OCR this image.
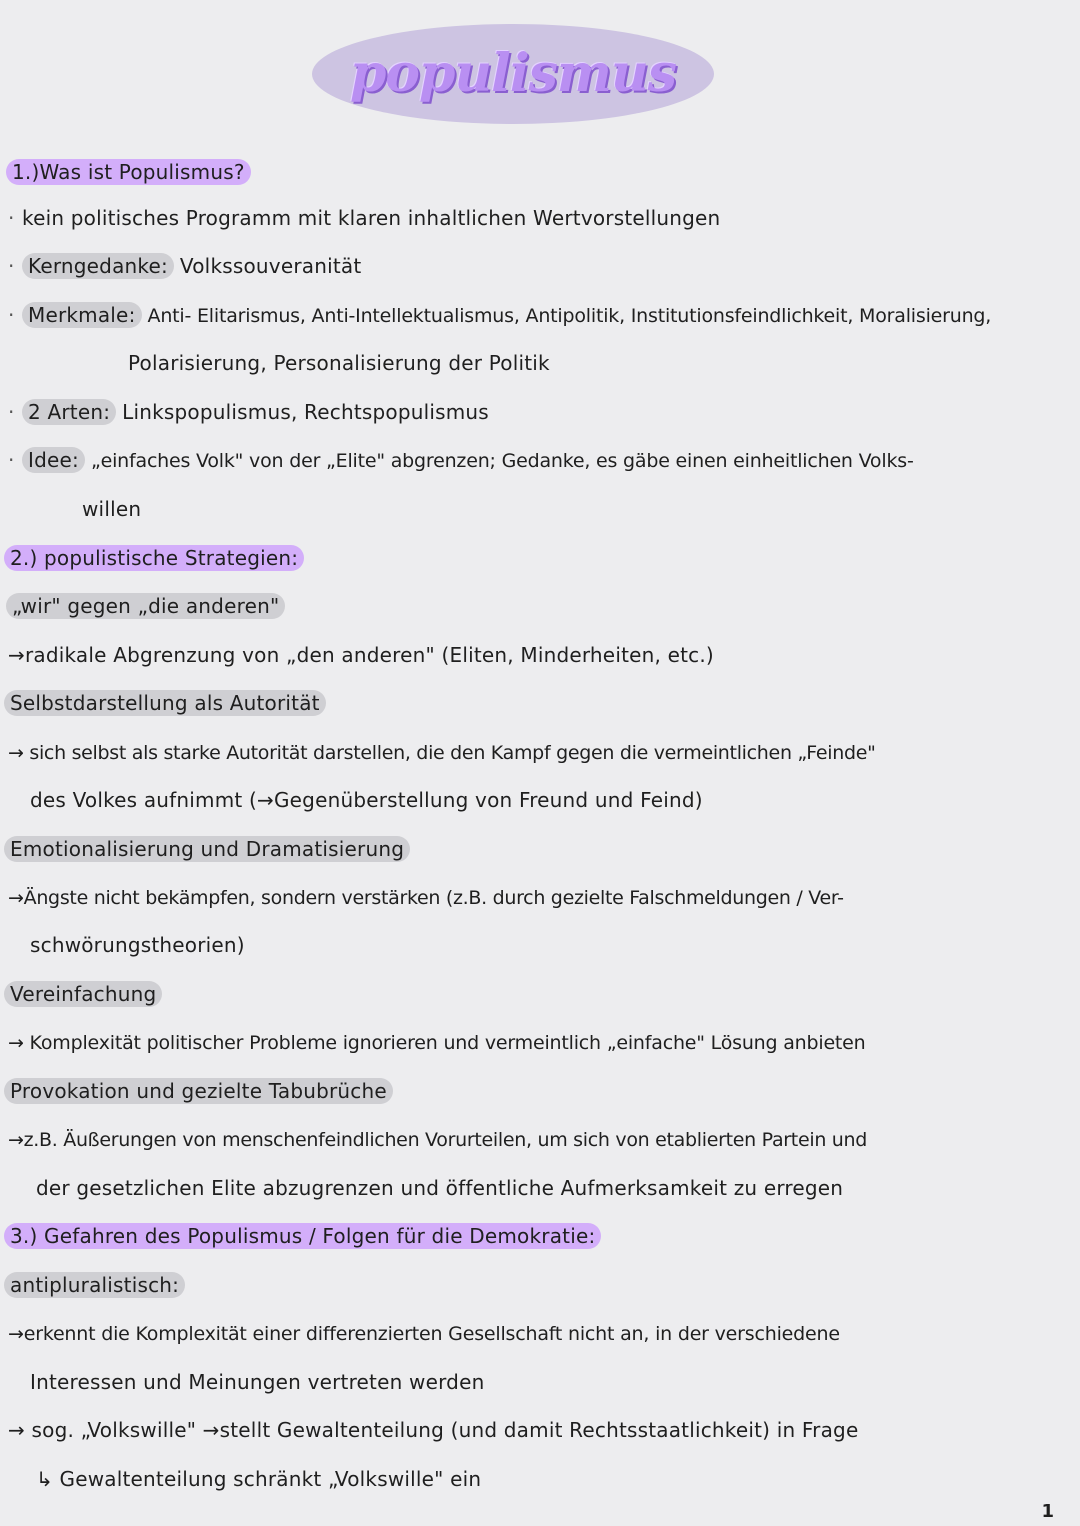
populismus
1.)Was ist Populismus?
· kein politisches Programm mit klaren inhaltlichen Wertvorstellungen
· Kerngedanke: Volkssouveranität
· Merkmale: Anti- Elitarismus, Anti-Intellektualismus, Antipolitik, Institutionsfeindlichkeit, Moralisierung,
Polarisierung, Personalisierung der Politik
· 2 Arten: Linkspopulismus, Rechtspopulismus
· Idee: „einfaches Volk" von der „Elite" abgrenzen; Gedanke, es gäbe einen einheitlichen Volks-
willen
2.) populistische Strategien:
„wir" gegen „die anderen"
→radikale Abgrenzung von „den anderen" (Eliten, Minderheiten, etc.)
Selbstdarstellung als Autorität
→ sich selbst als starke Autorität darstellen, die den Kampf gegen die vermeintlichen „Feinde"
des Volkes aufnimmt (→Gegenüberstellung von Freund und Feind)
Emotionalisierung und Dramatisierung
→Ängste nicht bekämpfen, sondern verstärken (z.B. durch gezielte Falschmeldungen / Ver-
schwörungstheorien)
Vereinfachung
→ Komplexität politischer Probleme ignorieren und vermeintlich „einfache" Lösung anbieten
Provokation und gezielte Tabubrüche
→z.B. Äußerungen von menschenfeindlichen Vorurteilen, um sich von etablierten Partein und
der gesetzlichen Elite abzugrenzen und öffentliche Aufmerksamkeit zu erregen
3.) Gefahren des Populismus / Folgen für die Demokratie:
antipluralistisch:
→erkennt die Komplexität einer differenzierten Gesellschaft nicht an, in der verschiedene
Interessen und Meinungen vertreten werden
→ sog. „Volkswille" →stellt Gewaltenteilung (und damit Rechtsstaatlichkeit) in Frage
↳ Gewaltenteilung schränkt „Volkswille" ein
1
